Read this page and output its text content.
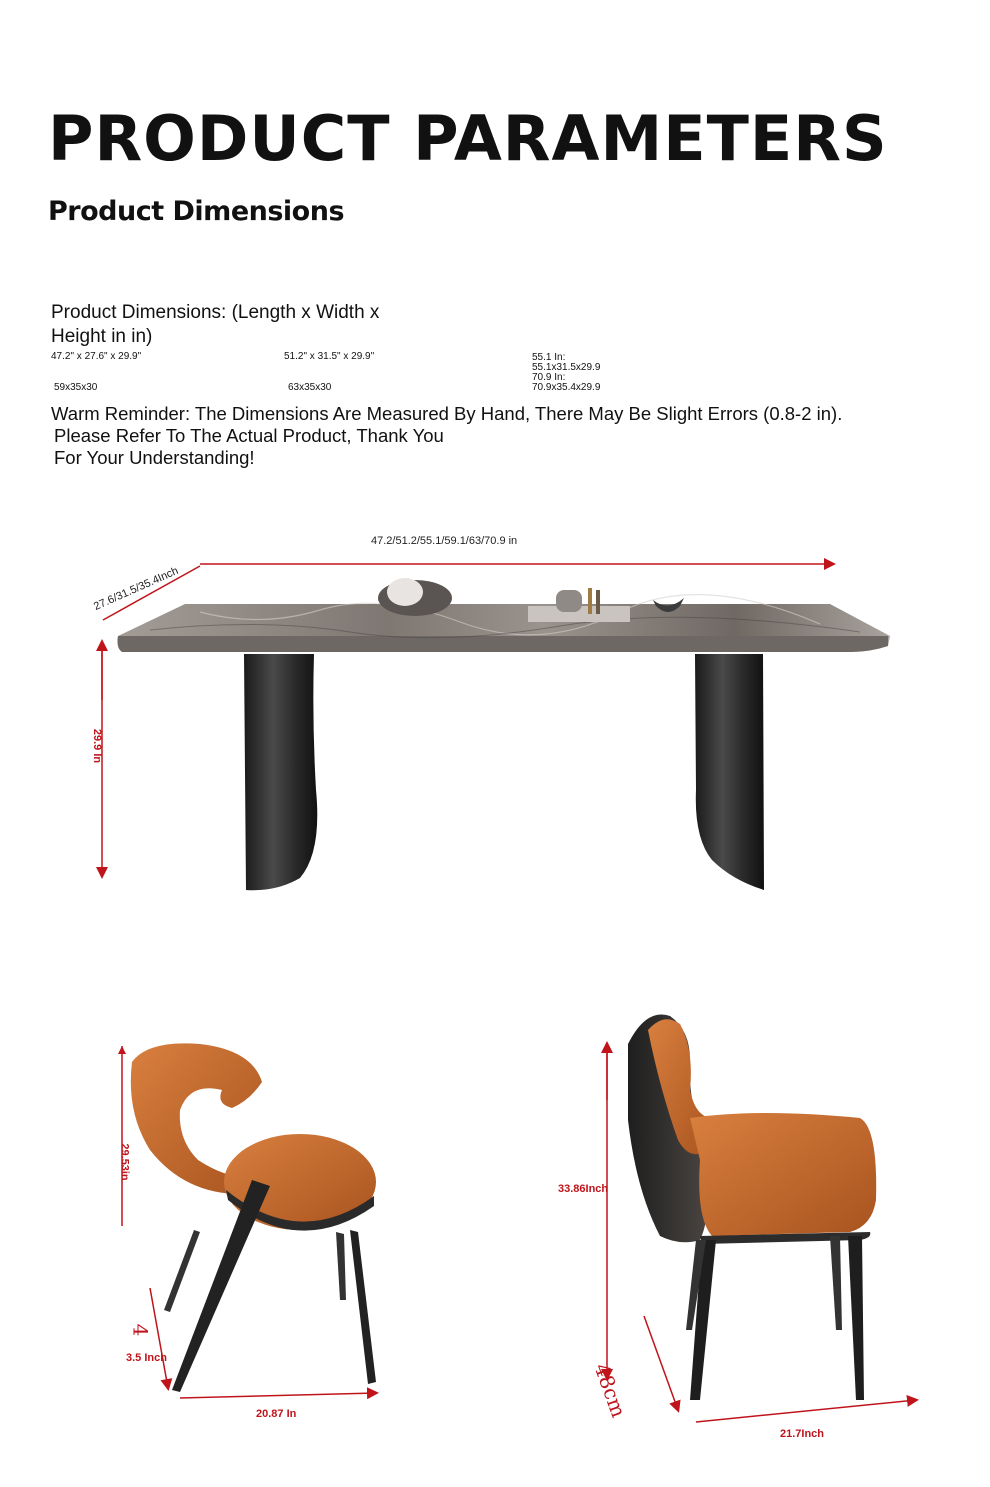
PRODUCT PARAMETERS
Product Dimensions
Product Dimensions: (Length x Width x
Height in in)
47.2" x 27.6" x 29.9"	51.2" x 31.5" x 29.9"
59x35x30	63x35x30
55.1 In:
55.1x31.5x29.9
70.9 In:
70.9x35.4x29.9
Warm Reminder: The Dimensions Are Measured By Hand, There May Be Slight Errors (0.8-2 in).
Please Refer To The Actual Product, Thank You
For Your Understanding!
47.2/51.2/55.1/59.1/63/70.9 in
27.6/31.5/35.4Inch
29.9 In
29.53in
4
3.5 Inch
20.87 In
33.86Inch
48cm
21.7Inch
